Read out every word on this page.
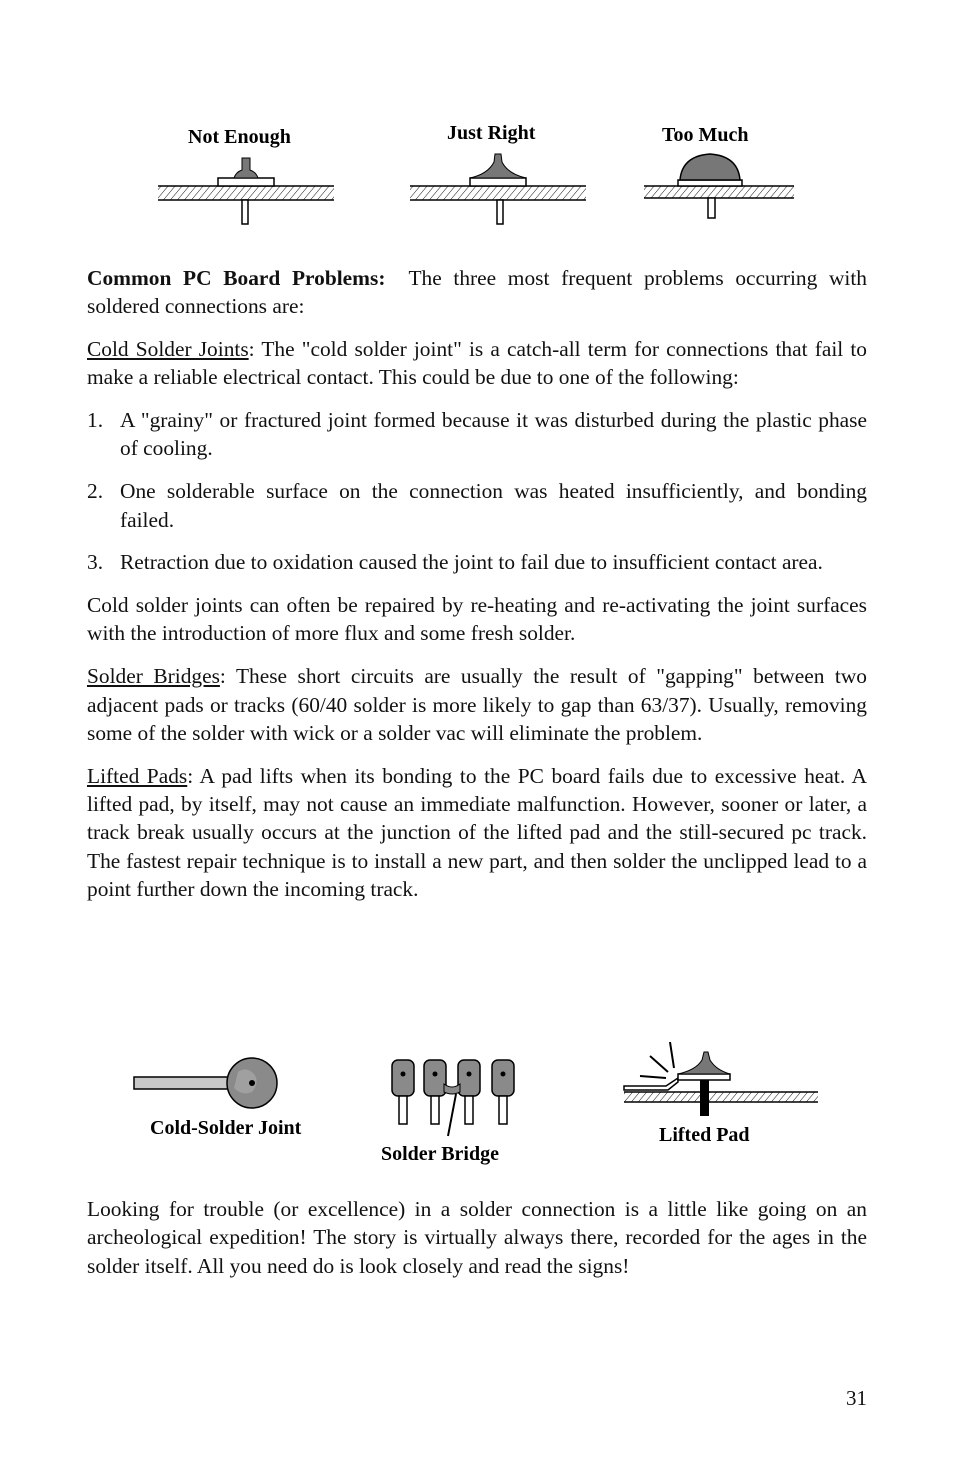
Not Enough	Just Right	Too Much

Common PC Board Problems: The three most frequent problems occurring with soldered connections are:

Cold Solder Joints: The "cold solder joint" is a catch-all term for connections that fail to make a reliable electrical contact. This could be due to one of the following:

1. A "grainy" or fractured joint formed because it was disturbed during the plastic phase of cooling.
2. One solderable surface on the connection was heated insufficiently, and bonding failed.
3. Retraction due to oxidation caused the joint to fail due to insufficient contact area.

Cold solder joints can often be repaired by re-heating and re-activating the joint surfaces with the introduction of more flux and some fresh solder.

Solder Bridges: These short circuits are usually the result of "gapping" between two adjacent pads or tracks (60/40 solder is more likely to gap than 63/37). Usually, removing some of the solder with wick or a solder vac will eliminate the problem.

Lifted Pads: A pad lifts when its bonding to the PC board fails due to excessive heat. A lifted pad, by itself, may not cause an immediate malfunction. However, sooner or later, a track break usually occurs at the junction of the lifted pad and the still-secured pc track. The fastest repair technique is to install a new part, and then solder the unclipped lead to a point further down the incoming track.

Cold-Solder Joint
Solder Bridge
Lifted Pad

Looking for trouble (or excellence) in a solder connection is a little like going on an archeological expedition! The story is virtually always there, recorded for the ages in the solder itself. All you need do is look closely and read the signs!

31
